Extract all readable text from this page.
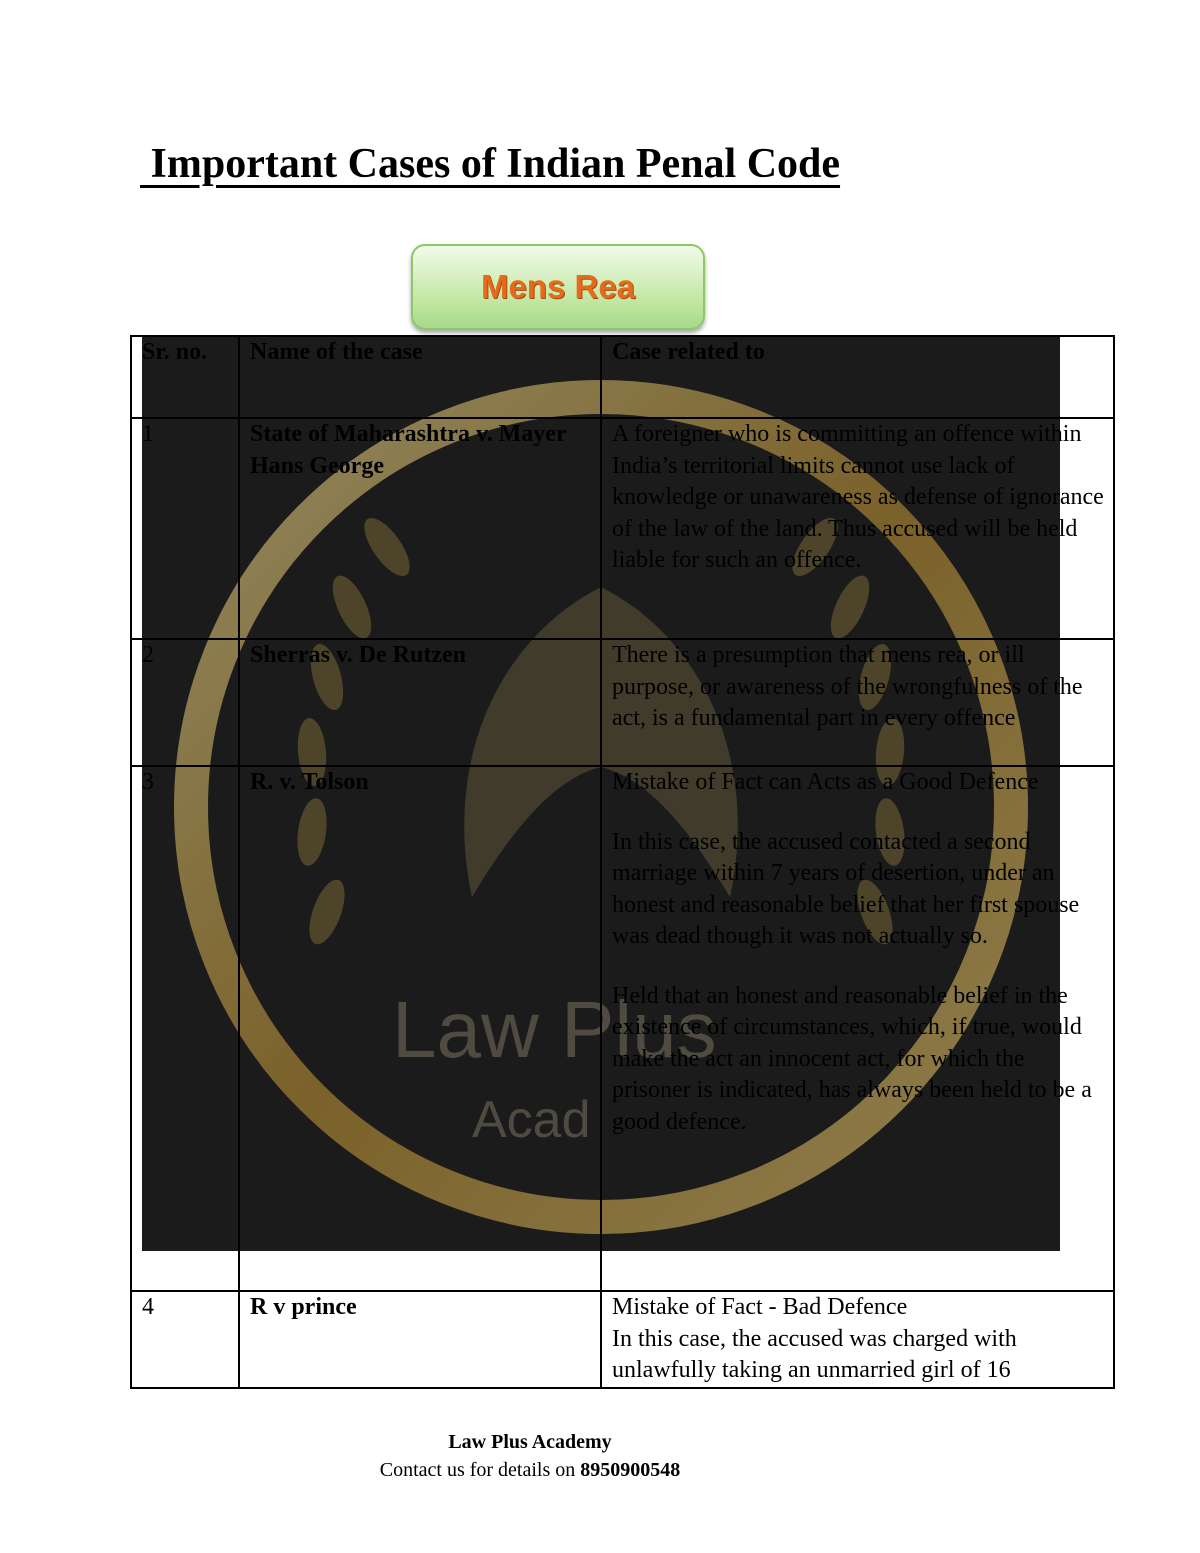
Important Cases of Indian Penal Code
Mens Rea
Law Plus
Acad
Sr. no.	Name of the case	Case related to
1	State of Maharashtra v. Mayer Hans George	A foreigner who is committing an offence within India’s territorial limits cannot use lack of knowledge or unawareness as defense of ignorance of the law of the land. Thus accused will be held liable for such an offence.

2	Sherras v. De Rutzen	There is a presumption that mens rea, or ill purpose, or awareness of the wrongfulness of the act, is a fundamental part in every offence

3	R. v. Tolson	Mistake of Fact can Acts as a Good Defence

In this case, the accused contacted a second marriage within 7 years of desertion, under an honest and reasonable belief that her first spouse was dead though it was not actually so.

Held that an honest and reasonable belief in the existence of circumstances, which, if true, would make the act an innocent act, for which the prisoner is indicated, has always been held to be a good defence.

4	R v prince	Mistake of Fact - Bad Defence
In this case, the accused was charged with unlawfully taking an unmarried girl of 16

Law Plus Academy
Contact us for details on 8950900548
